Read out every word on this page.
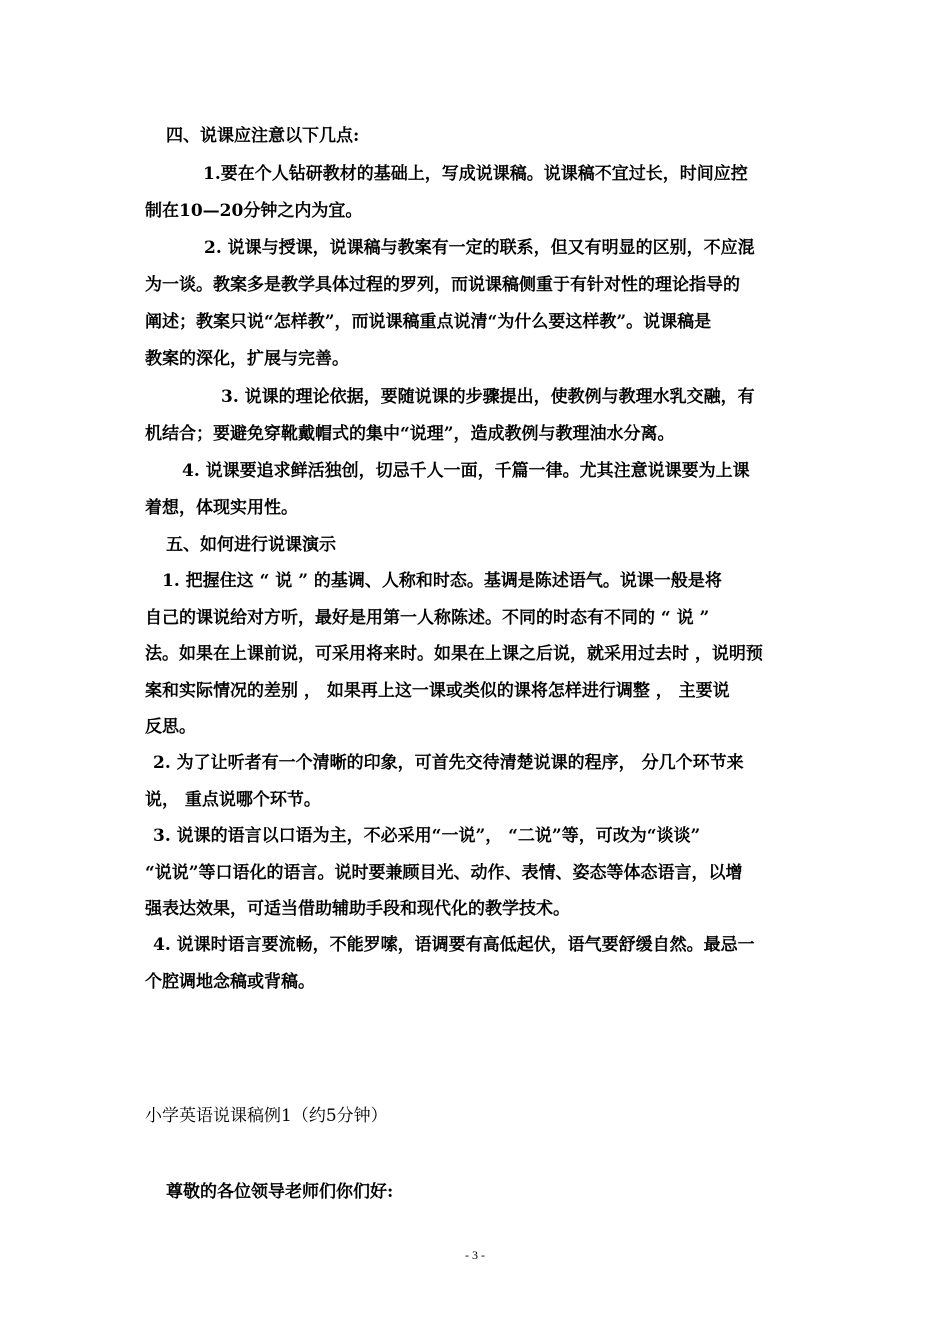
四、说课应注意以下几点:
1.要在个人钻研教材的基础上，写成说课稿。说课稿不宜过长，时间应控
制在10—20分钟之内为宜。
2. 说课与授课，说课稿与教案有一定的联系，但又有明显的区别，不应混
为一谈。教案多是教学具体过程的罗列，而说课稿侧重于有针对性的理论指导的
阐述；教案只说“怎样教”，而说课稿重点说清“为什么要这样教”。说课稿是
教案的深化，扩展与完善。
3. 说课的理论依据，要随说课的步骤提出，使教例与教理水乳交融，有
机结合；要避免穿靴戴帽式的集中“说理”，造成教例与教理油水分离。
4. 说课要追求鲜活独创，切忌千人一面，千篇一律。尤其注意说课要为上课
着想，体现实用性。
五、如何进行说课演示
1. 把握住这 “ 说 ” 的基调、人称和时态。基调是陈述语气。说课一般是将
自己的课说给对方听，最好是用第一人称陈述。不同的时态有不同的 “ 说 ”
法。如果在上课前说，可采用将来时。如果在上课之后说，就采用过去时 ，说明预
案和实际情况的差别 ， 如果再上这一课或类似的课将怎样进行调整 ， 主要说
反思。
2. 为了让听者有一个清晰的印象，可首先交待清楚说课的程序， 分几个环节来
说， 重点说哪个环节。
3. 说课的语言以口语为主，不必采用“一说”， “二说”等，可改为“谈谈”
“说说”等口语化的语言。说时要兼顾目光、动作、表情、姿态等体态语言，以增
强表达效果，可适当借助辅助手段和现代化的教学技术。
4. 说课时语言要流畅，不能罗嗦，语调要有高低起伏，语气要舒缓自然。最忌一
个腔调地念稿或背稿。
小学英语说课稿例1（约5分钟）
尊敬的各位领导老师们你们好:
- 3 -
